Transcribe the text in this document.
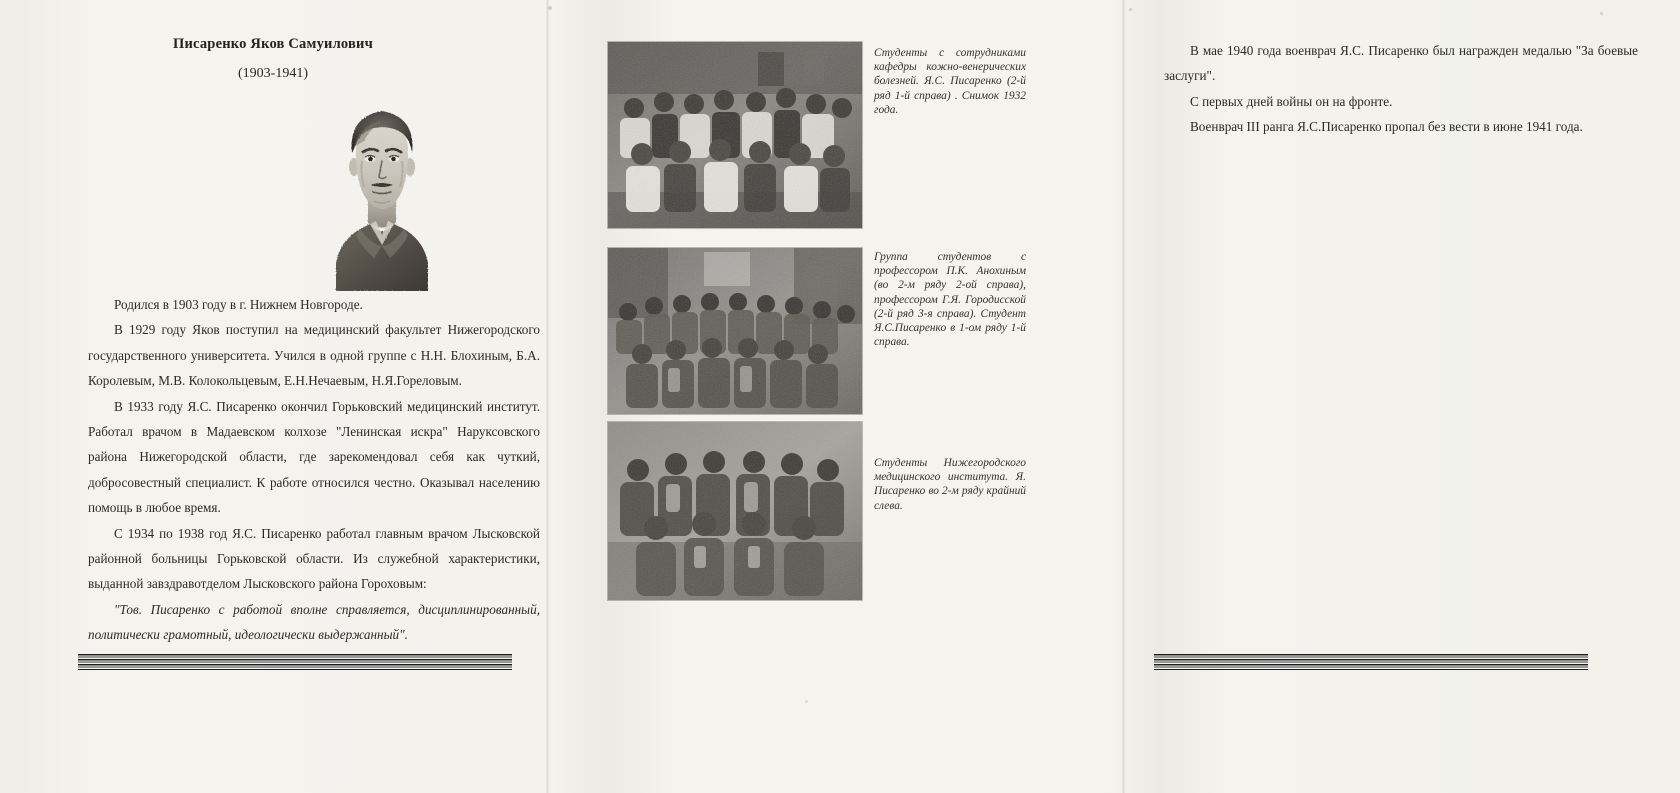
Писаренко Яков Самуилович
(1903-1941)

Родился в 1903 году в г. Нижнем Новгороде.

В 1929 году Яков поступил на медицинский факультет Нижегородского государственного университета. Учился в одной группе с Н.Н. Блохиным, Б.А. Королевым, М.В. Колокольцевым, Е.Н.Нечаевым, Н.Я.Гореловым.

В 1933 году Я.С. Писаренко окончил Горьковский медицинский институт. Работал врачом в Мадаевском колхозе "Ленинская искра" Наруксовского района Нижегородской области, где зарекомендовал себя как чуткий, добросовестный специалист. К работе относился честно. Оказывал населению помощь в любое время.

С 1934 по 1938 год Я.С. Писаренко работал главным врачом Лысковской районной больницы Горьковской области. Из служебной характеристики, выданной завздравотделом Лысковского района Гороховым:

"Тов. Писаренко с работой вполне справляется, дисциплинированный, политически грамотный, идеологически выдержанный".

Студенты с сотрудниками кафедры кожно-венерических болезней. Я.С. Писаренко (2-й ряд 1-й справа) . Снимок 1932 года.
Группа студентов с профессором П.К. Анохиным (во 2-м ряду 2-ой справа), профессором Г.Я. Городисской (2-й ряд 3-я справа). Студент Я.С.Писаренко в 1-ом ряду 1-й справа.
Студенты Нижегородского медицинского института. Я. Писаренко во 2-м ряду крайний слева.

В мае 1940 года военврач Я.С. Писаренко был награжден медалью "За боевые заслуги".

С первых дней войны он на фронте.

Военврач III ранга Я.С.Писаренко пропал без вести в июне 1941 года.
